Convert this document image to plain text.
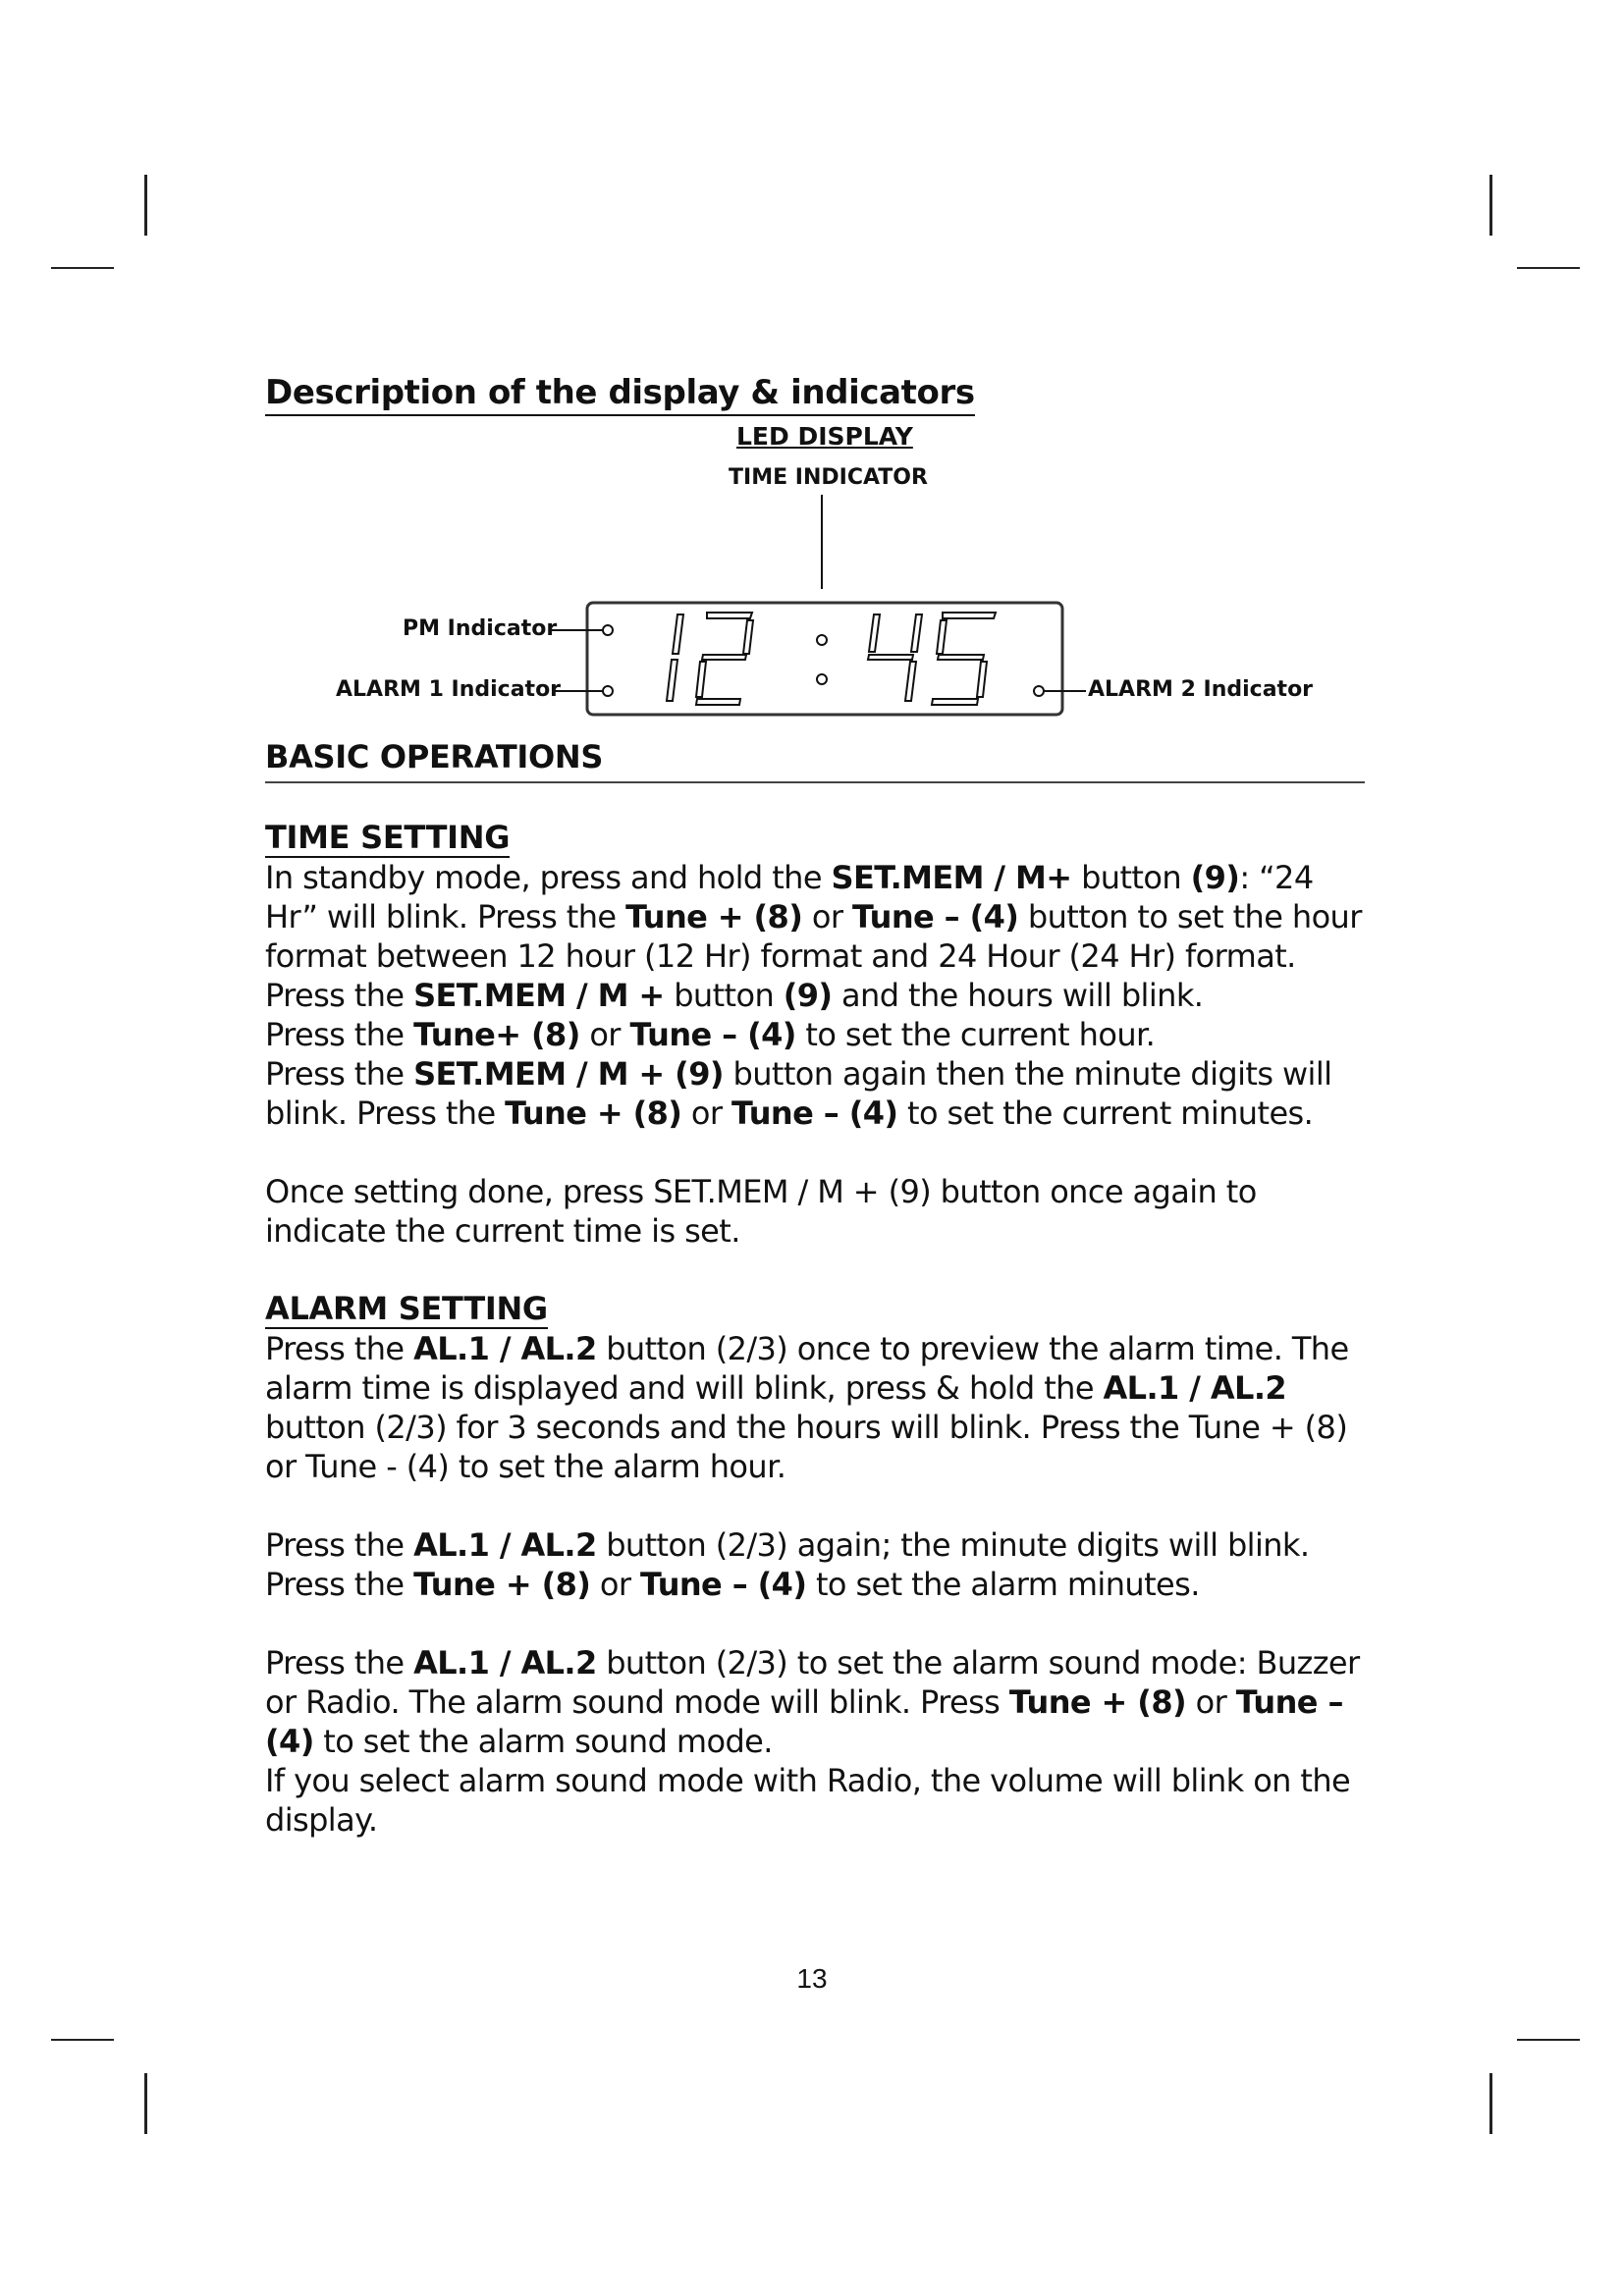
Description of the display & indicators
LED DISPLAY
TIME INDICATOR
PM Indicator
ALARM 1 Indicator	ALARM 2 Indicator
BASIC OPERATIONS
TIME SETTING

In standby mode, press and hold the SET.MEM / M+ button (9): “24 Hr” will blink. Press the Tune + (8) or Tune – (4) button to set the hour format between 12 hour (12 Hr) format and 24 Hour (24 Hr) format.

Press the SET.MEM / M + button (9) and the hours will blink.

Press the Tune+ (8) or Tune – (4) to set the current hour.

Press the SET.MEM / M + (9) button again then the minute digits will blink. Press the Tune + (8) or Tune – (4) to set the current minutes.

Once setting done, press SET.MEM / M + (9) button once again to indicate the current time is set.

ALARM SETTING

Press the AL.1 / AL.2 button (2/3) once to preview the alarm time. The alarm time is displayed and will blink, press & hold the AL.1 / AL.2 button (2/3) for 3 seconds and the hours will blink. Press the Tune + (8) or Tune - (4) to set the alarm hour.

Press the AL.1 / AL.2 button (2/3) again; the minute digits will blink. Press the Tune + (8) or Tune – (4) to set the alarm minutes.

Press the AL.1 / AL.2 button (2/3) to set the alarm sound mode: Buzzer or Radio. The alarm sound mode will blink. Press Tune + (8) or Tune – (4) to set the alarm sound mode.

If you select alarm sound mode with Radio, the volume will blink on the display.

13
